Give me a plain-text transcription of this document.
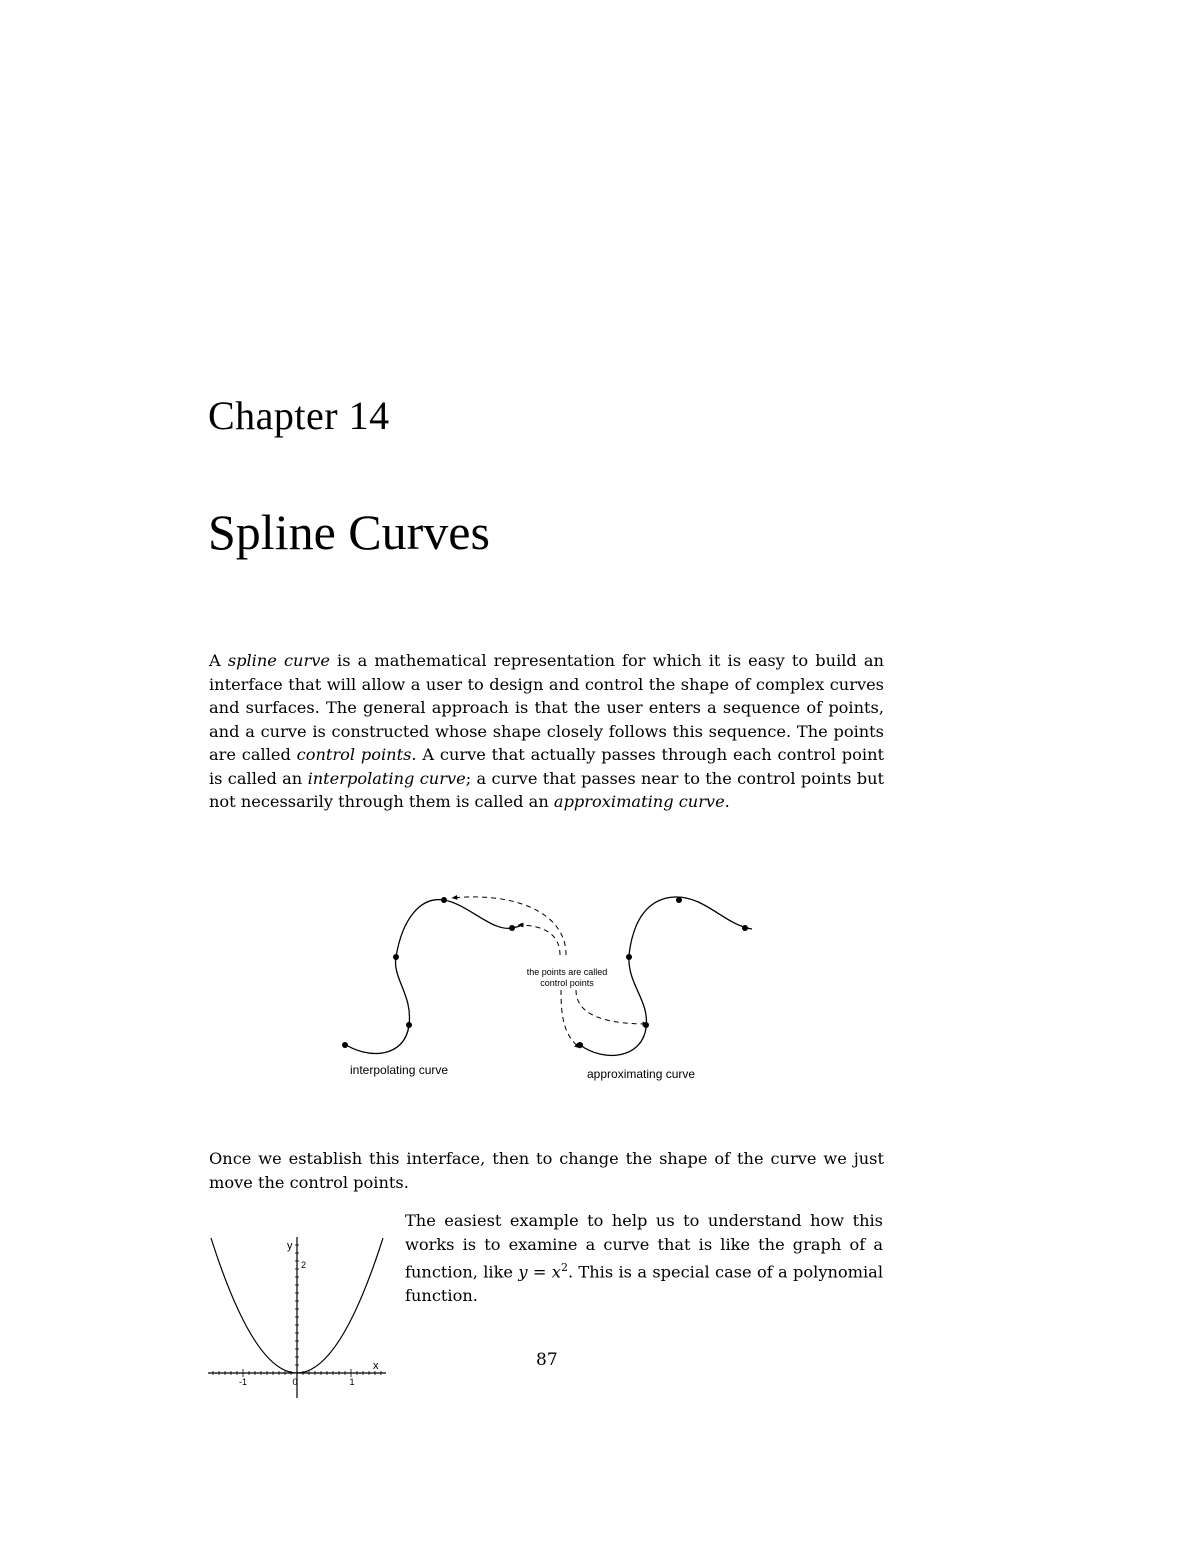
Chapter 14
Spline Curves
A spline curve is a mathematical representation for which it is easy to build an interface that will allow a user to design and control the shape of complex curves and surfaces. The general approach is that the user enters a sequence of points, and a curve is constructed whose shape closely follows this sequence. The points are called control points. A curve that actually passes through each control point is called an interpolating curve; a curve that passes near to the control points but not necessarily through them is called an approximating curve.
the points are called
control points
interpolating curve	approximating curve
Once we establish this interface, then to change the shape of the curve we just move the control points.
The easiest example to help us to understand how this works is to examine a curve that is like the graph of a function, like $y = x^2$. This is a special case of a polynomial function.
x
y
2
-1	0	1
87
